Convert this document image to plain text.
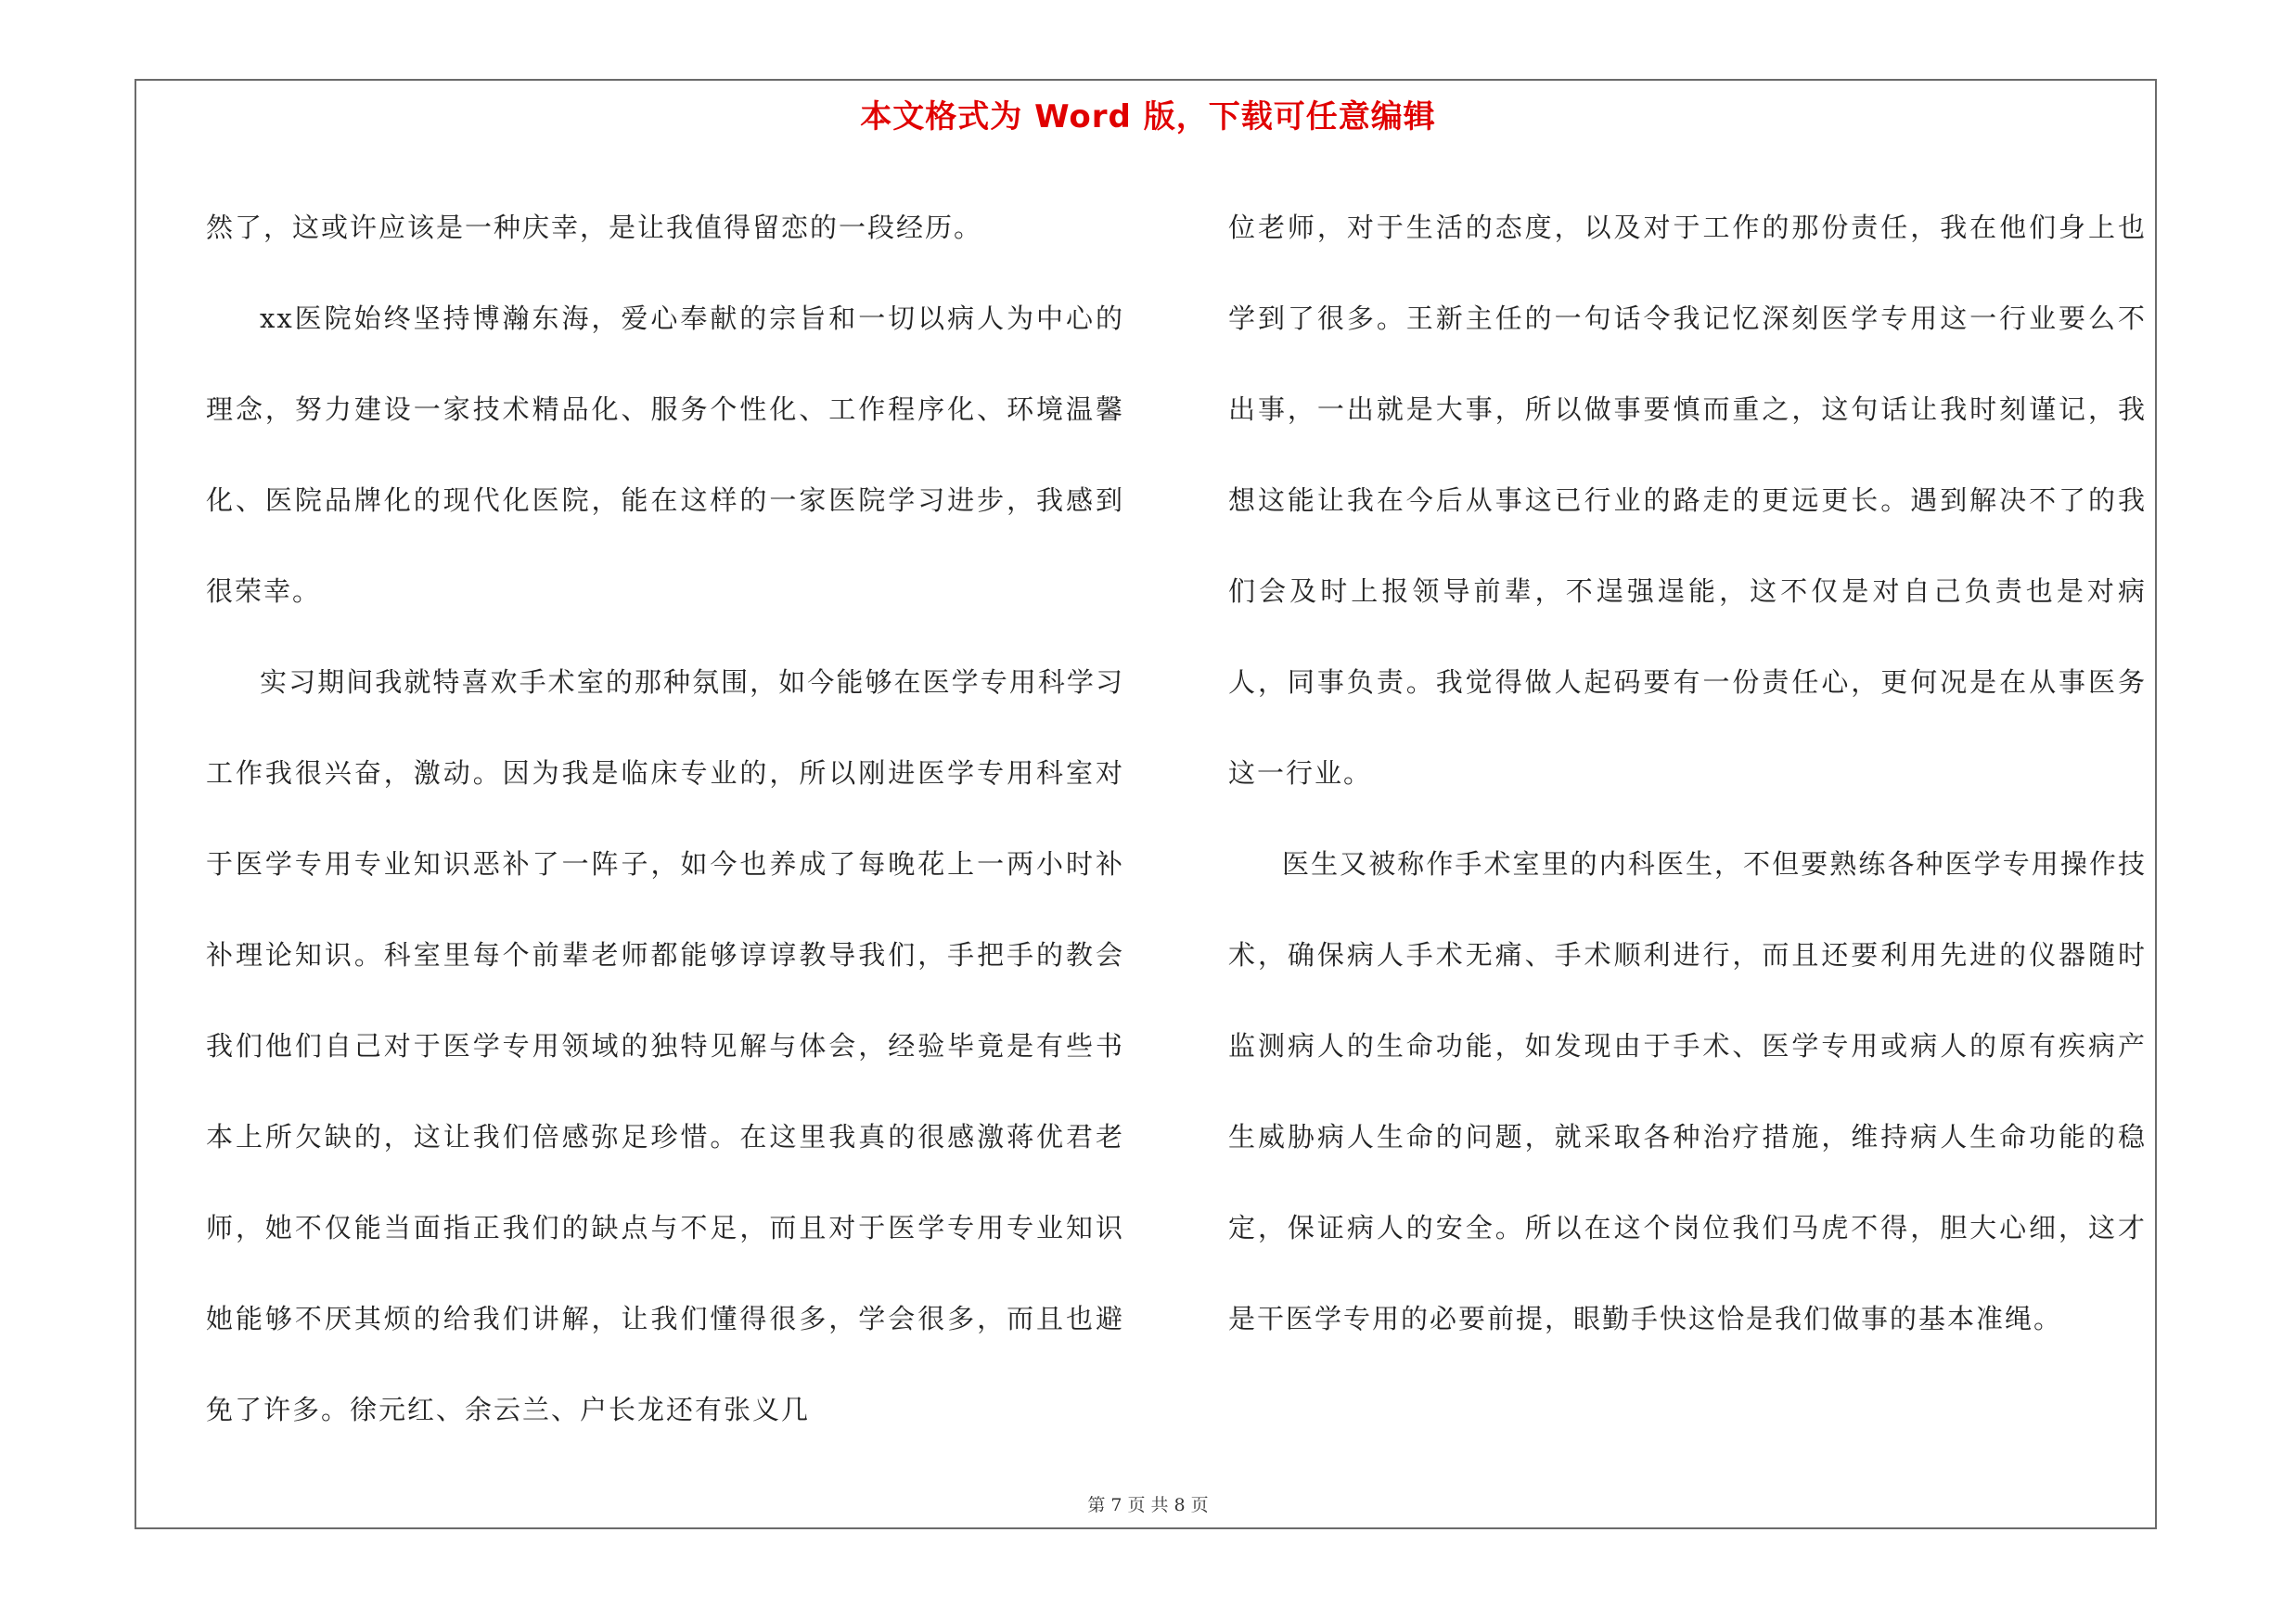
本文格式为 Word 版，下载可任意编辑

然了，这或许应该是一种庆幸，是让我值得留恋的一段经历。

xx医院始终坚持博瀚东海，爱心奉献的宗旨和一切以病人为中心的理念，努力建设一家技术精品化、服务个性化、工作程序化、环境温馨化、医院品牌化的现代化医院，能在这样的一家医院学习进步，我感到很荣幸。

实习期间我就特喜欢手术室的那种氛围，如今能够在医学专用科学习工作我很兴奋，激动。因为我是临床专业的，所以刚进医学专用科室对于医学专用专业知识恶补了一阵子，如今也养成了每晚花上一两小时补补理论知识。科室里每个前辈老师都能够谆谆教导我们，手把手的教会我们他们自己对于医学专用领域的独特见解与体会，经验毕竟是有些书本上所欠缺的，这让我们倍感弥足珍惜。在这里我真的很感激蒋优君老师，她不仅能当面指正我们的缺点与不足，而且对于医学专用专业知识她能够不厌其烦的给我们讲解，让我们懂得很多，学会很多，而且也避免了许多。徐元红、余云兰、户长龙还有张义几

位老师，对于生活的态度，以及对于工作的那份责任，我在他们身上也学到了很多。王新主任的一句话令我记忆深刻医学专用这一行业要么不出事，一出就是大事，所以做事要慎而重之，这句话让我时刻谨记，我想这能让我在今后从事这已行业的路走的更远更长。遇到解决不了的我们会及时上报领导前辈，不逞强逞能，这不仅是对自己负责也是对病人，同事负责。我觉得做人起码要有一份责任心，更何况是在从事医务这一行业。

医生又被称作手术室里的内科医生，不但要熟练各种医学专用操作技术，确保病人手术无痛、手术顺利进行，而且还要利用先进的仪器随时监测病人的生命功能，如发现由于手术、医学专用或病人的原有疾病产生威胁病人生命的问题，就采取各种治疗措施，维持病人生命功能的稳定，保证病人的安全。所以在这个岗位我们马虎不得，胆大心细，这才是干医学专用的必要前提，眼勤手快这恰是我们做事的基本准绳。

第 7 页 共 8 页
